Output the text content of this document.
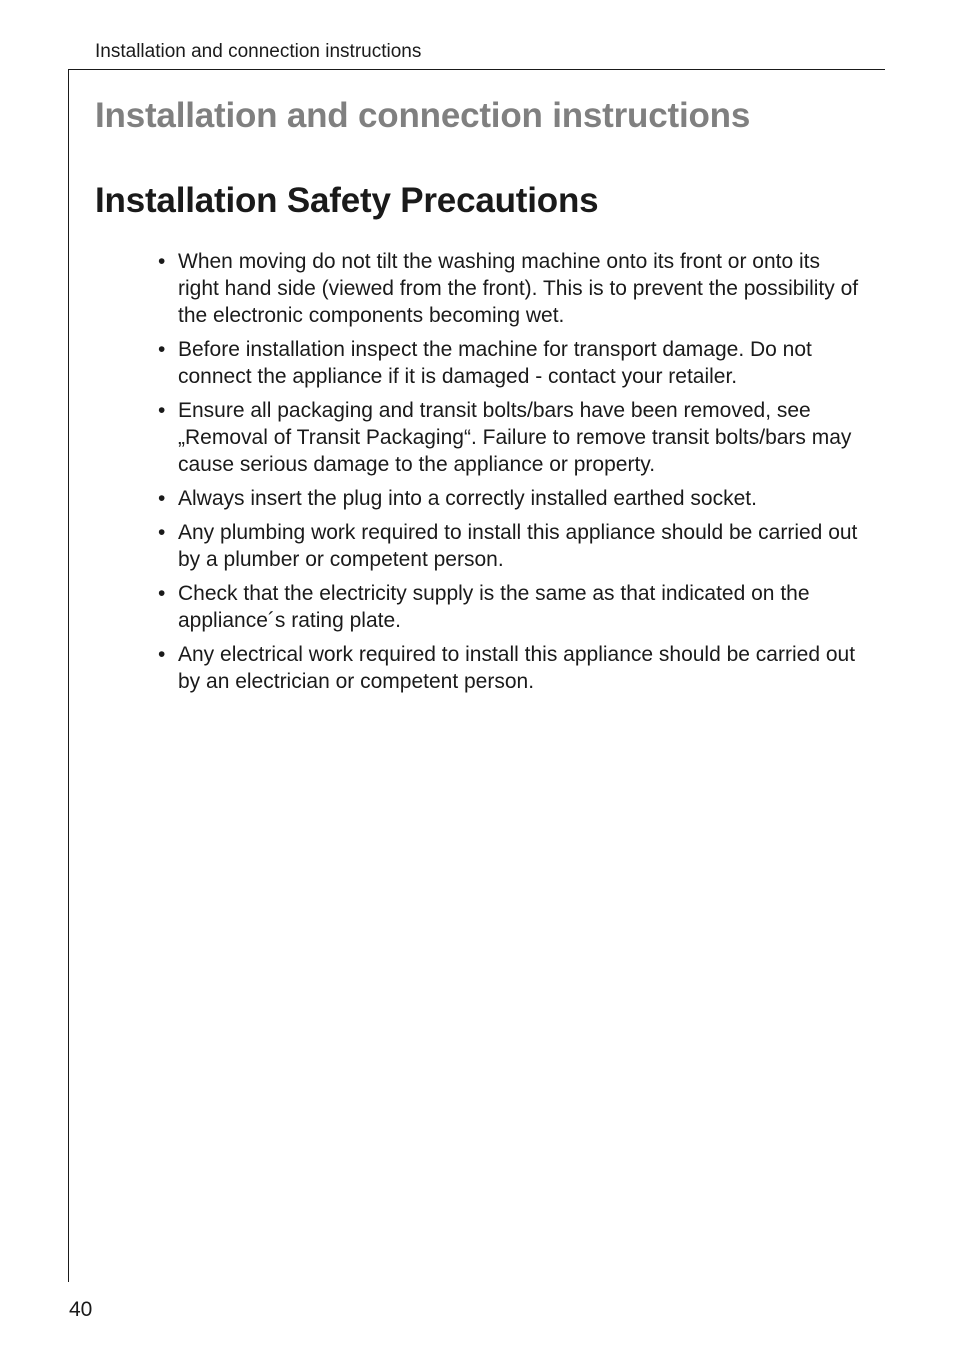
Installation and connection instructions
Installation and connection instructions
Installation Safety Precautions
• When moving do not tilt the washing machine onto its front or onto its right hand side (viewed from the front). This is to prevent the possibility of the electronic components becoming wet.
• Before installation inspect the machine for transport damage. Do not connect the appliance if it is damaged - contact your retailer.
• Ensure all packaging and transit bolts/bars have been removed, see „Removal of Transit Packaging“. Failure to remove transit bolts/bars may cause serious damage to the appliance or property.
• Always insert the plug into a correctly installed earthed socket.
• Any plumbing work required to install this appliance should be carried out by a plumber or competent person.
• Check that the electricity supply is the same as that indicated on the appliance´s rating plate.
• Any electrical work required to install this appliance should be carried out by an electrician or competent person.
40
